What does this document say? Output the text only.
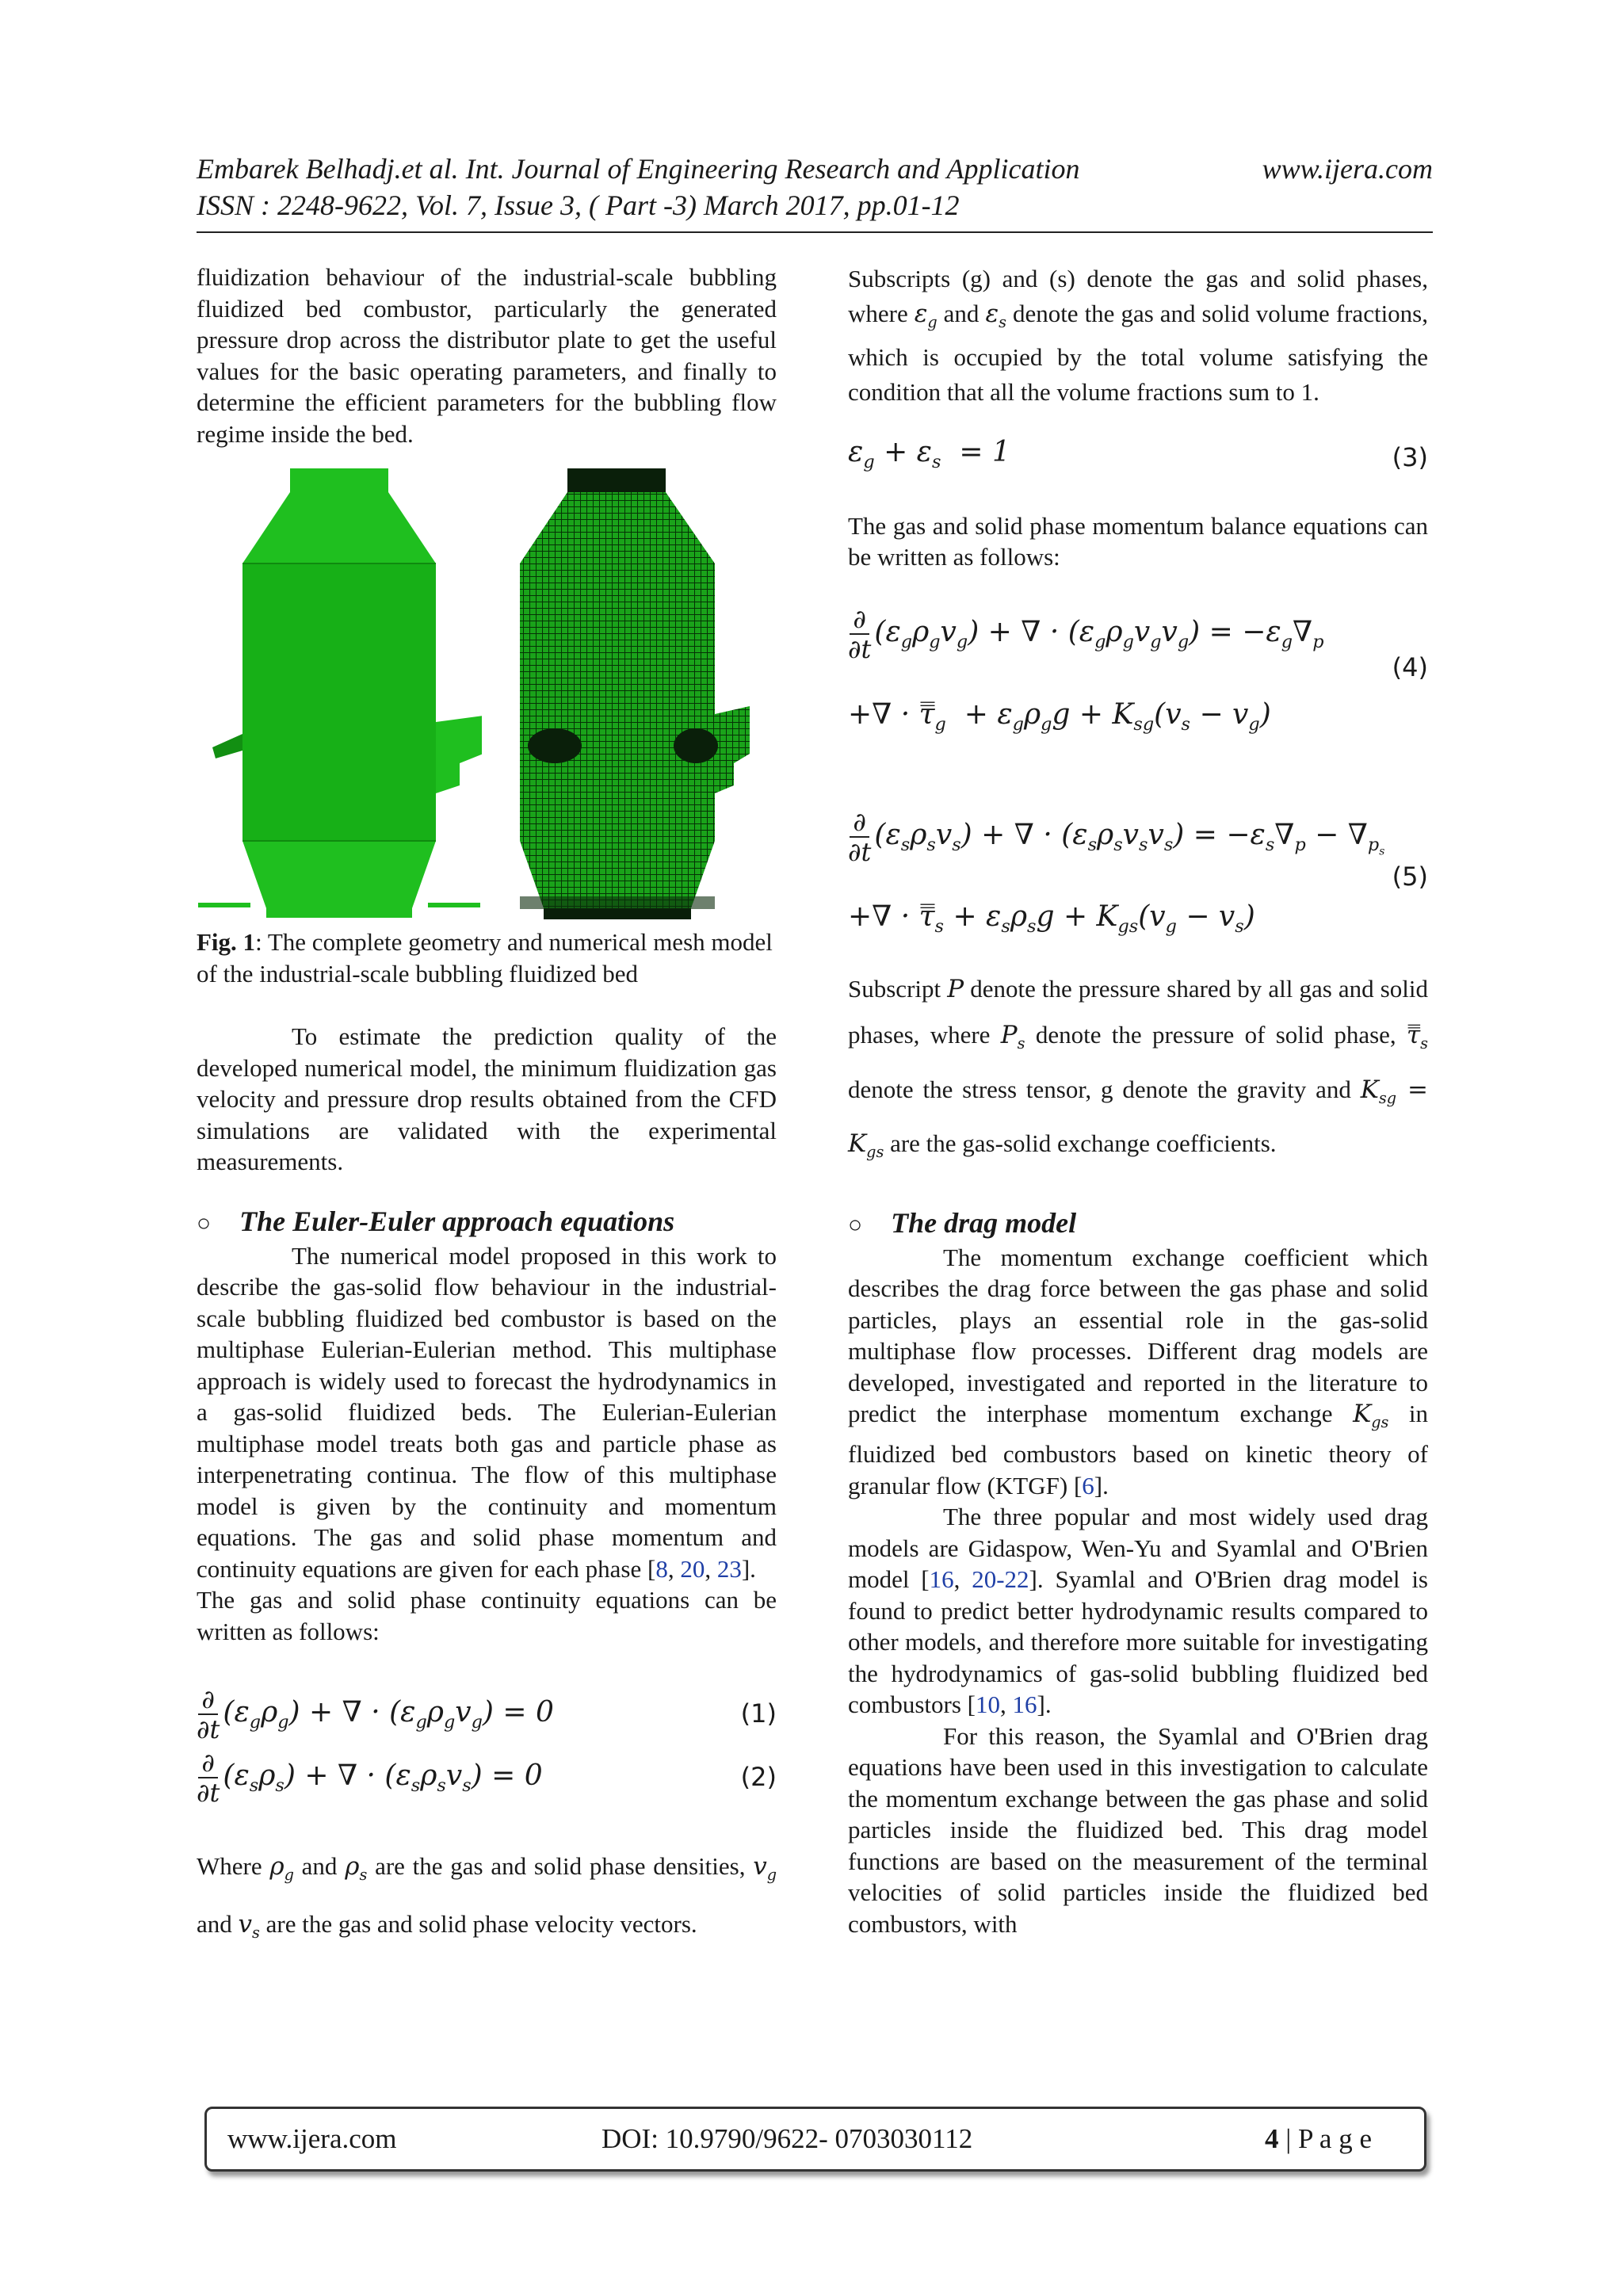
Embarek Belhadj.et al. Int. Journal of Engineering Research and Application	www.ijera.com
ISSN : 2248-9622, Vol. 7, Issue 3, ( Part -3) March 2017, pp.01-12

fluidization behaviour of the industrial-scale bubbling fluidized bed combustor, particularly the generated pressure drop across the distributor plate to get the useful values for the basic operating parameters, and finally to determine the efficient parameters for the bubbling flow regime inside the bed.

Fig. 1: The complete geometry and numerical mesh model of the industrial-scale bubbling fluidized bed

To estimate the prediction quality of the developed numerical model, the minimum fluidization gas velocity and pressure drop results obtained from the CFD simulations are validated with the experimental measurements.

○ The Euler-Euler approach equations

The numerical model proposed in this work to describe the gas-solid flow behaviour in the industrial-scale bubbling fluidized bed combustor is based on the multiphase Eulerian-Eulerian method. This multiphase approach is widely used to forecast the hydrodynamics in a gas-solid fluidized beds. The Eulerian-Eulerian multiphase model treats both gas and particle phase as interpenetrating continua. The flow of this multiphase model is given by the continuity and momentum equations. The gas and solid phase momentum and continuity equations are given for each phase [8, 20, 23].

The gas and solid phase continuity equations can be written as follows:

$\frac{\partial}{\partial t} (\varepsilon_g\rho_g)$ + ∇ · $(\varepsilon_g\rho_gv_g) = 0$	(1)
$\frac{\partial}{\partial t} (\varepsilon_s\rho_s)$ + ∇ · $(\varepsilon_s\rho_sv_s) = 0$	(2)

Where $\rho_g$ and $\rho_s$ are the gas and solid phase densities, $v_g$ and $v_s$ are the gas and solid phase velocity vectors.

Subscripts (g) and (s) denote the gas and solid phases, where $\varepsilon_g$ and $\varepsilon_s$ denote the gas and solid volume fractions, which is occupied by the total volume satisfying the condition that all the volume fractions sum to 1.

$\varepsilon_g + \varepsilon_s = 1$	(3)

The gas and solid phase momentum balance equations can be written as follows:

$\frac{\partial}{\partial t} (\varepsilon_g\rho_gv_g)$ + ∇ · $(\varepsilon_g\rho_gv_gv_g) = -\varepsilon_g\nabla_p$
(4)
+∇ · $\tau̿_g + \varepsilon_g\rho_gg + K_{sg}(v_s - v_g)$
$\frac{\partial}{\partial t} (\varepsilon_s\rho_sv_s)$ + ∇ · $(\varepsilon_s\rho_sv_sv_s) = -\varepsilon_s\nabla_p - \nabla_{p_s}$
(5)
+∇ · $\tau̿_s + \varepsilon_s\rho_sg + K_{gs}(v_g - v_s)$

Subscript P denote the pressure shared by all gas and solid phases, where $P_s$ denote the pressure of solid phase, $\tau̿_s$ denote the stress tensor, g denote the gravity and $K_{sg} = K_{gs}$ are the gas-solid exchange coefficients.

○ The drag model

The momentum exchange coefficient which describes the drag force between the gas phase and solid particles, plays an essential role in the gas-solid multiphase flow processes. Different drag models are developed, investigated and reported in the literature to predict the interphase momentum exchange $K_{gs}$ in fluidized bed combustors based on kinetic theory of granular flow (KTGF) [6].

The three popular and most widely used drag models are Gidaspow, Wen-Yu and Syamlal and O'Brien model [16, 20-22]. Syamlal and O'Brien drag model is found to predict better hydrodynamic results compared to other models, and therefore more suitable for investigating the hydrodynamics of gas-solid bubbling fluidized bed combustors [10, 16].

For this reason, the Syamlal and O'Brien drag equations have been used in this investigation to calculate the momentum exchange between the gas phase and solid particles inside the fluidized bed. This drag model functions are based on the measurement of the terminal velocities of solid particles inside the fluidized bed combustors, with

www.ijera.com	DOI: 10.9790/9622- 0703030112	4 | P a g e
